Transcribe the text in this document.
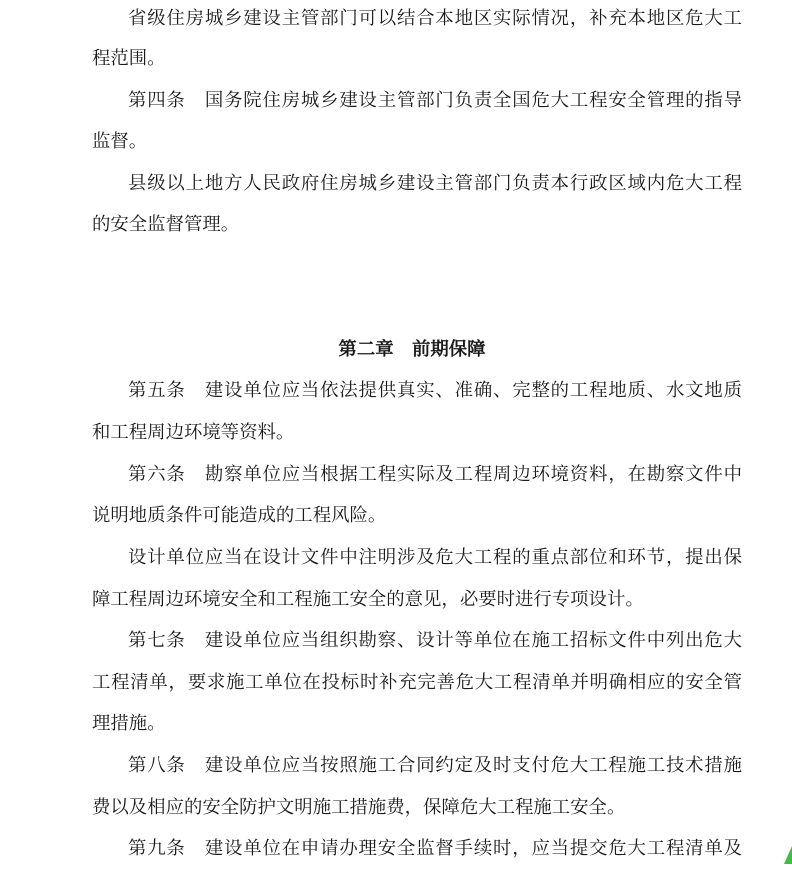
省级住房城乡建设主管部门可以结合本地区实际情况，补充本地区危大工
程范围。
第四条　国务院住房城乡建设主管部门负责全国危大工程安全管理的指导
监督。
县级以上地方人民政府住房城乡建设主管部门负责本行政区域内危大工程
的安全监督管理。
第二章　前期保障
第五条　建设单位应当依法提供真实、准确、完整的工程地质、水文地质
和工程周边环境等资料。
第六条　勘察单位应当根据工程实际及工程周边环境资料，在勘察文件中
说明地质条件可能造成的工程风险。
设计单位应当在设计文件中注明涉及危大工程的重点部位和环节，提出保
障工程周边环境安全和工程施工安全的意见，必要时进行专项设计。
第七条　建设单位应当组织勘察、设计等单位在施工招标文件中列出危大
工程清单，要求施工单位在投标时补充完善危大工程清单并明确相应的安全管
理措施。
第八条　建设单位应当按照施工合同约定及时支付危大工程施工技术措施
费以及相应的安全防护文明施工措施费，保障危大工程施工安全。
第九条　建设单位在申请办理安全监督手续时，应当提交危大工程清单及
